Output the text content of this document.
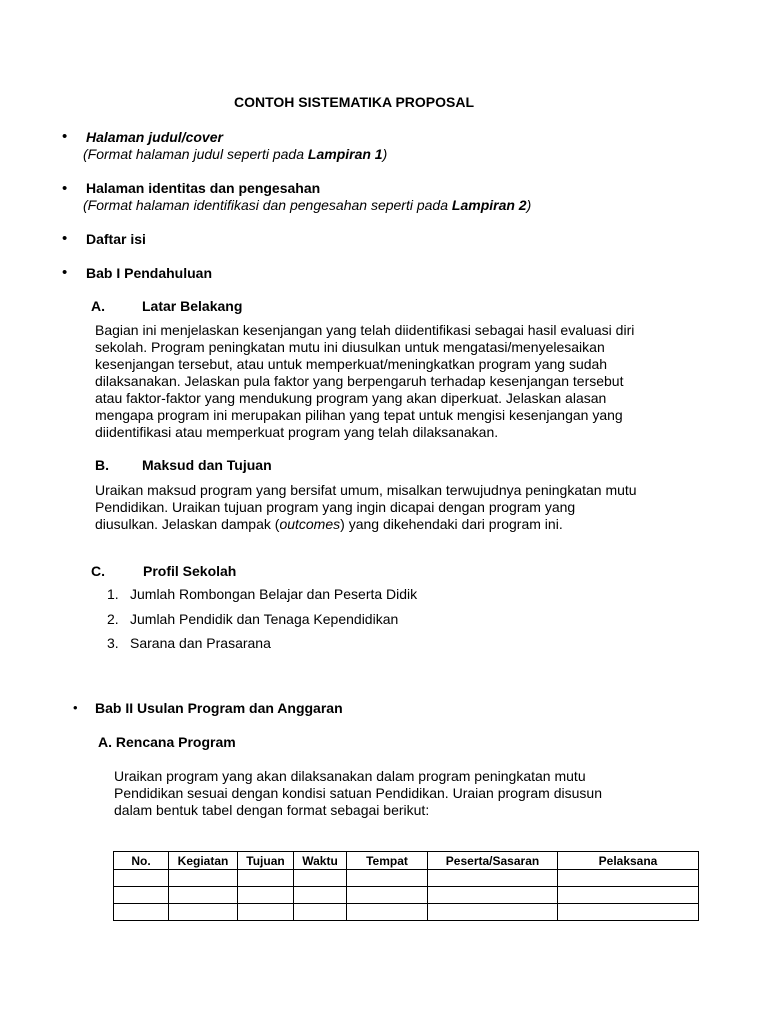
CONTOH SISTEMATIKA PROPOSAL
• Halaman judul/cover
(Format halaman judul seperti pada Lampiran 1)
• Halaman identitas dan pengesahan
(Format halaman identifikasi dan pengesahan seperti pada Lampiran 2)
• Daftar isi
• Bab I Pendahuluan
A.	Latar Belakang
Bagian ini menjelaskan kesenjangan yang telah diidentifikasi sebagai hasil evaluasi diri
sekolah. Program peningkatan mutu ini diusulkan untuk mengatasi/menyelesaikan
kesenjangan tersebut, atau untuk memperkuat/meningkatkan program yang sudah
dilaksanakan. Jelaskan pula faktor yang berpengaruh terhadap kesenjangan tersebut
atau faktor-faktor yang mendukung program yang akan diperkuat. Jelaskan alasan
mengapa program ini merupakan pilihan yang tepat untuk mengisi kesenjangan yang
diidentifikasi atau memperkuat program yang telah dilaksanakan.
B. Maksud dan Tujuan
Uraikan maksud program yang bersifat umum, misalkan terwujudnya peningkatan mutu
Pendidikan. Uraikan tujuan program yang ingin dicapai dengan program yang
diusulkan. Jelaskan dampak (outcomes) yang dikehendaki dari program ini.
C.	Profil Sekolah
1. Jumlah Rombongan Belajar dan Peserta Didik
2. Jumlah Pendidik dan Tenaga Kependidikan
3. Sarana dan Prasarana
• Bab II Usulan Program dan Anggaran
A. Rencana Program
Uraikan program yang akan dilaksanakan dalam program peningkatan mutu
Pendidikan sesuai dengan kondisi satuan Pendidikan. Uraian program disusun
dalam bentuk tabel dengan format sebagai berikut:
No.	Kegiatan	Tujuan	Waktu	Tempat	Peserta/Sasaran	Pelaksana
